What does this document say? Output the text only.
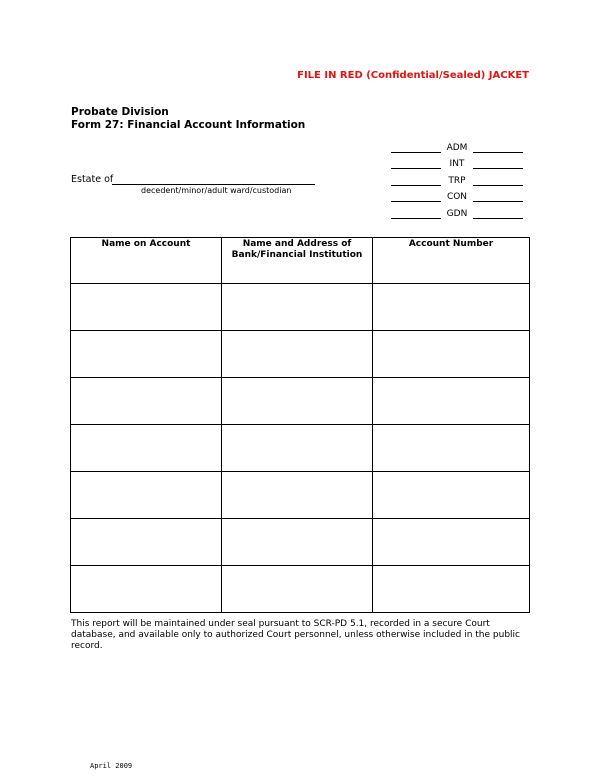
FILE IN RED (Confidential/Sealed) JACKET
Probate Division
Form 27: Financial Account Information
Estate of
decedent/minor/adult ward/custodian
ADM
INT
TRP
CON
GDN
Name on Account	Name and Address of Bank/Financial Institution	Account Number

This report will be maintained under seal pursuant to SCR-PD 5.1, recorded in a secure Court database, and available only to authorized Court personnel, unless otherwise included in the public record.
April 2009
